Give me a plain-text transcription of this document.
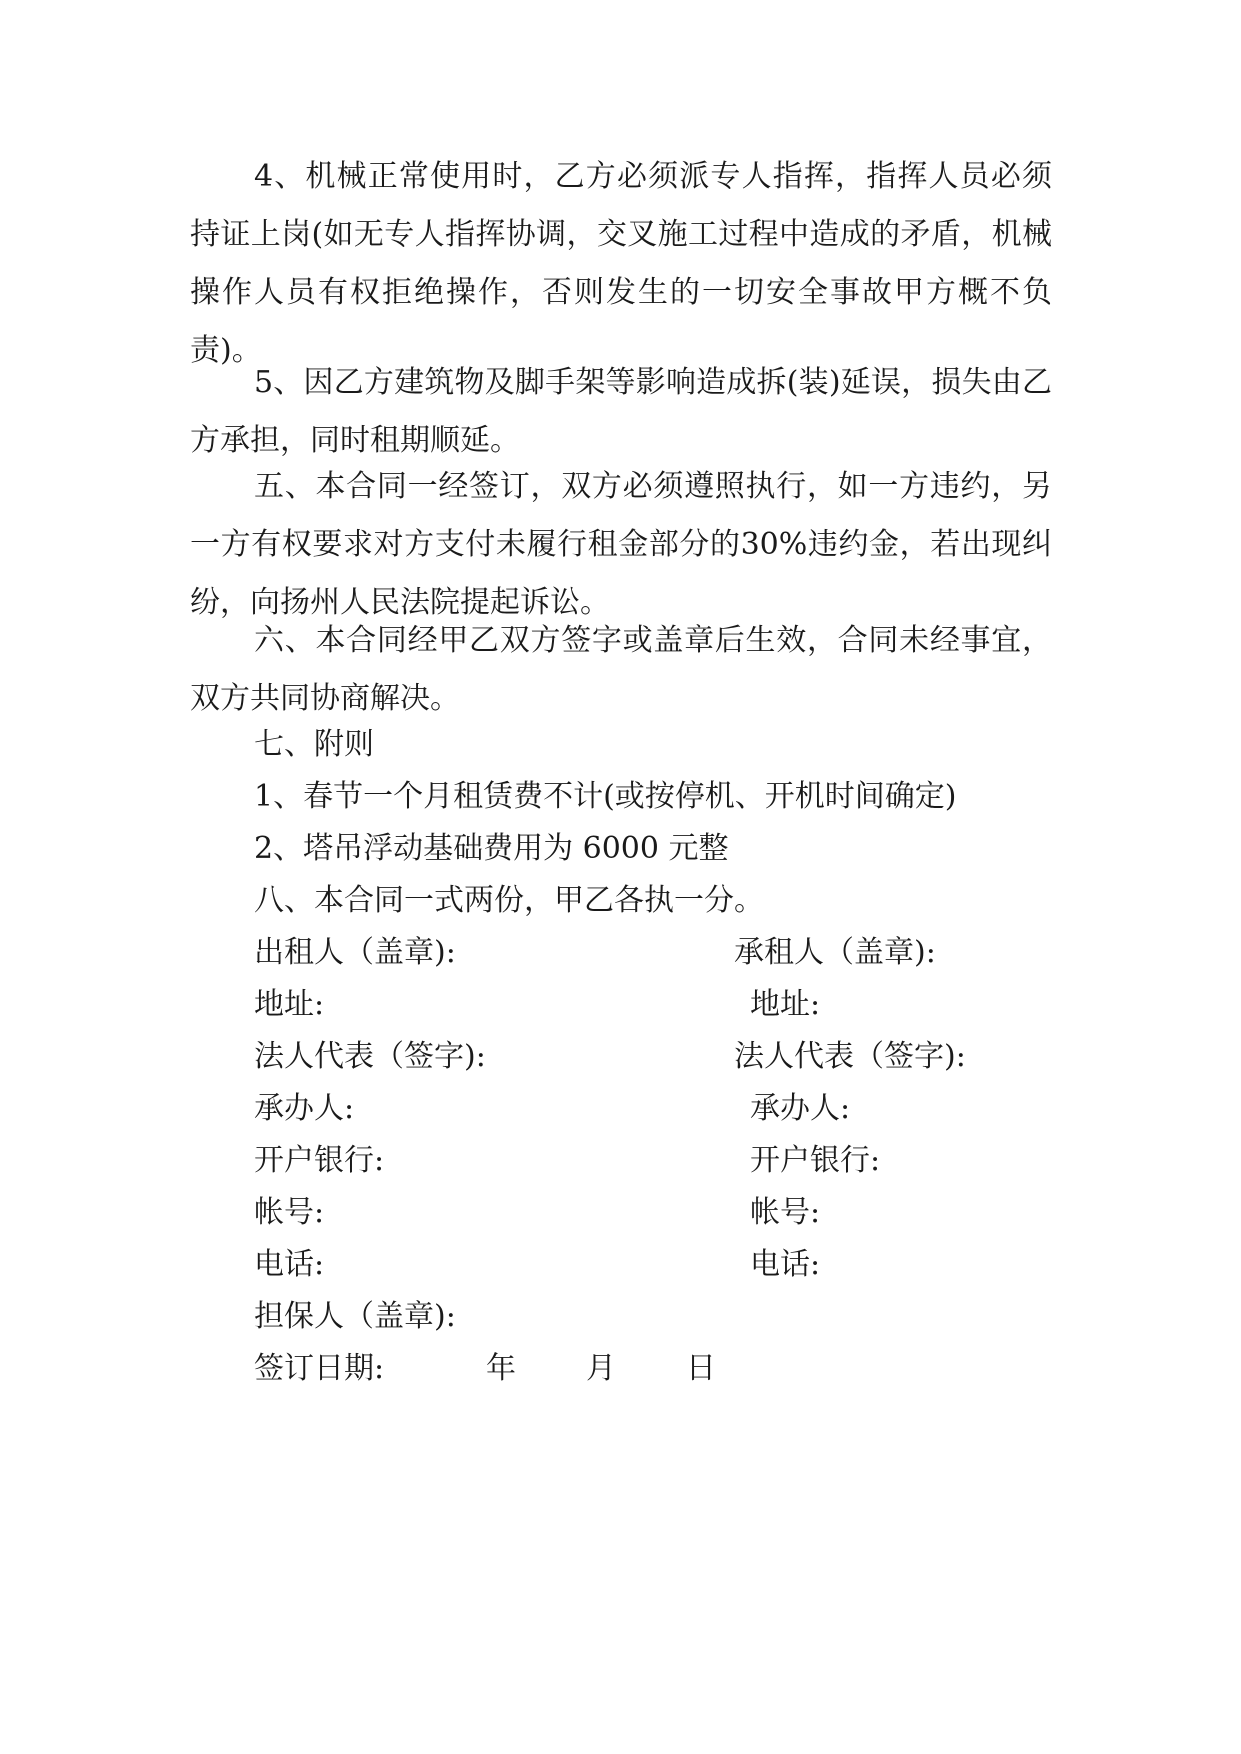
4、机械正常使用时，乙方必须派专人指挥，指挥人员必须持证上岗(如无专人指挥协调，交叉施工过程中造成的矛盾，机械操作人员有权拒绝操作，否则发生的一切安全事故甲方概不负责)。

5、因乙方建筑物及脚手架等影响造成拆(装)延误，损失由乙方承担，同时租期顺延。

五、本合同一经签订，双方必须遵照执行，如一方违约，另一方有权要求对方支付未履行租金部分的30%违约金，若出现纠纷，向扬州人民法院提起诉讼。

六、本合同经甲乙双方签字或盖章后生效，合同未经事宜，双方共同协商解决。

七、附则
1、春节一个月租赁费不计(或按停机、开机时间确定)
2、塔吊浮动基础费用为 6000 元整
八、本合同一式两份，甲乙各执一分。
出租人（盖章):	承租人（盖章):
地址:	地址:
法人代表（签字):	法人代表（签字):
承办人:	承办人:
开户银行:	开户银行:
帐号:	帐号:
电话:	电话:
担保人（盖章):
签订日期:	年 月 日
